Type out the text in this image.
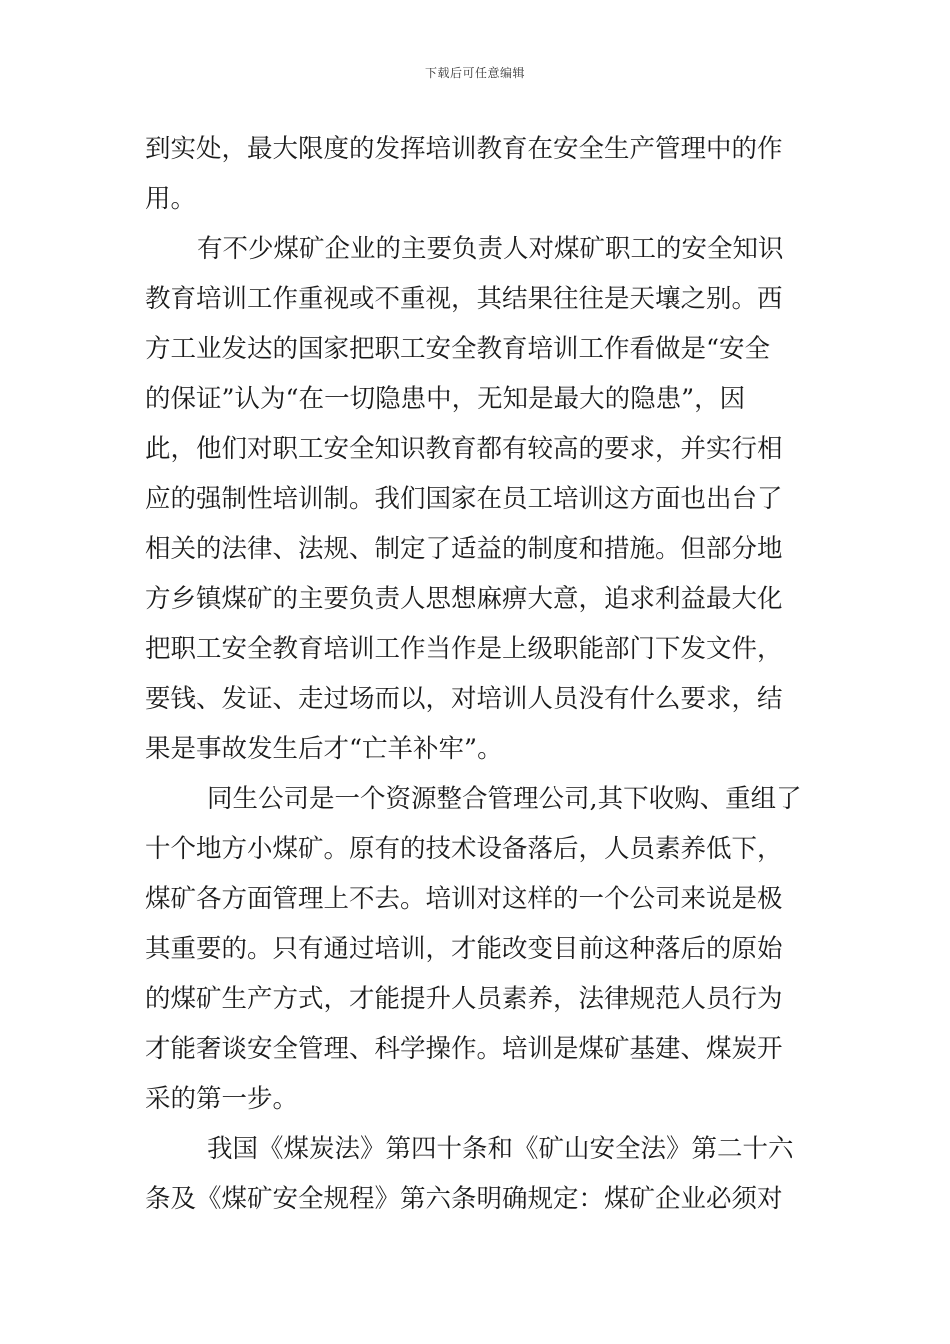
下载后可任意编辑
到实处，最大限度的发挥培训教育在安全生产管理中的作
用。
有不少煤矿企业的主要负责人对煤矿职工的安全知识
教育培训工作重视或不重视，其结果往往是天壤之别。西
方工业发达的国家把职工安全教育培训工作看做是“安全
的保证”认为“在一切隐患中，无知是最大的隐患”，因
此，他们对职工安全知识教育都有较高的要求，并实行相
应的强制性培训制。我们国家在员工培训这方面也出台了
相关的法律、法规、制定了适益的制度和措施。但部分地
方乡镇煤矿的主要负责人思想麻痹大意，追求利益最大化
把职工安全教育培训工作当作是上级职能部门下发文件，
要钱、发证、走过场而以，对培训人员没有什么要求，结
果是事故发生后才“亡羊补牢”。
同生公司是一个资源整合管理公司,其下收购、重组了
十个地方小煤矿。原有的技术设备落后，人员素养低下，
煤矿各方面管理上不去。培训对这样的一个公司来说是极
其重要的。只有通过培训，才能改变目前这种落后的原始
的煤矿生产方式，才能提升人员素养，法律规范人员行为
才能奢谈安全管理、科学操作。培训是煤矿基建、煤炭开
采的第一步。
我国《煤炭法》第四十条和《矿山安全法》第二十六
条及《煤矿安全规程》第六条明确规定：煤矿企业必须对
